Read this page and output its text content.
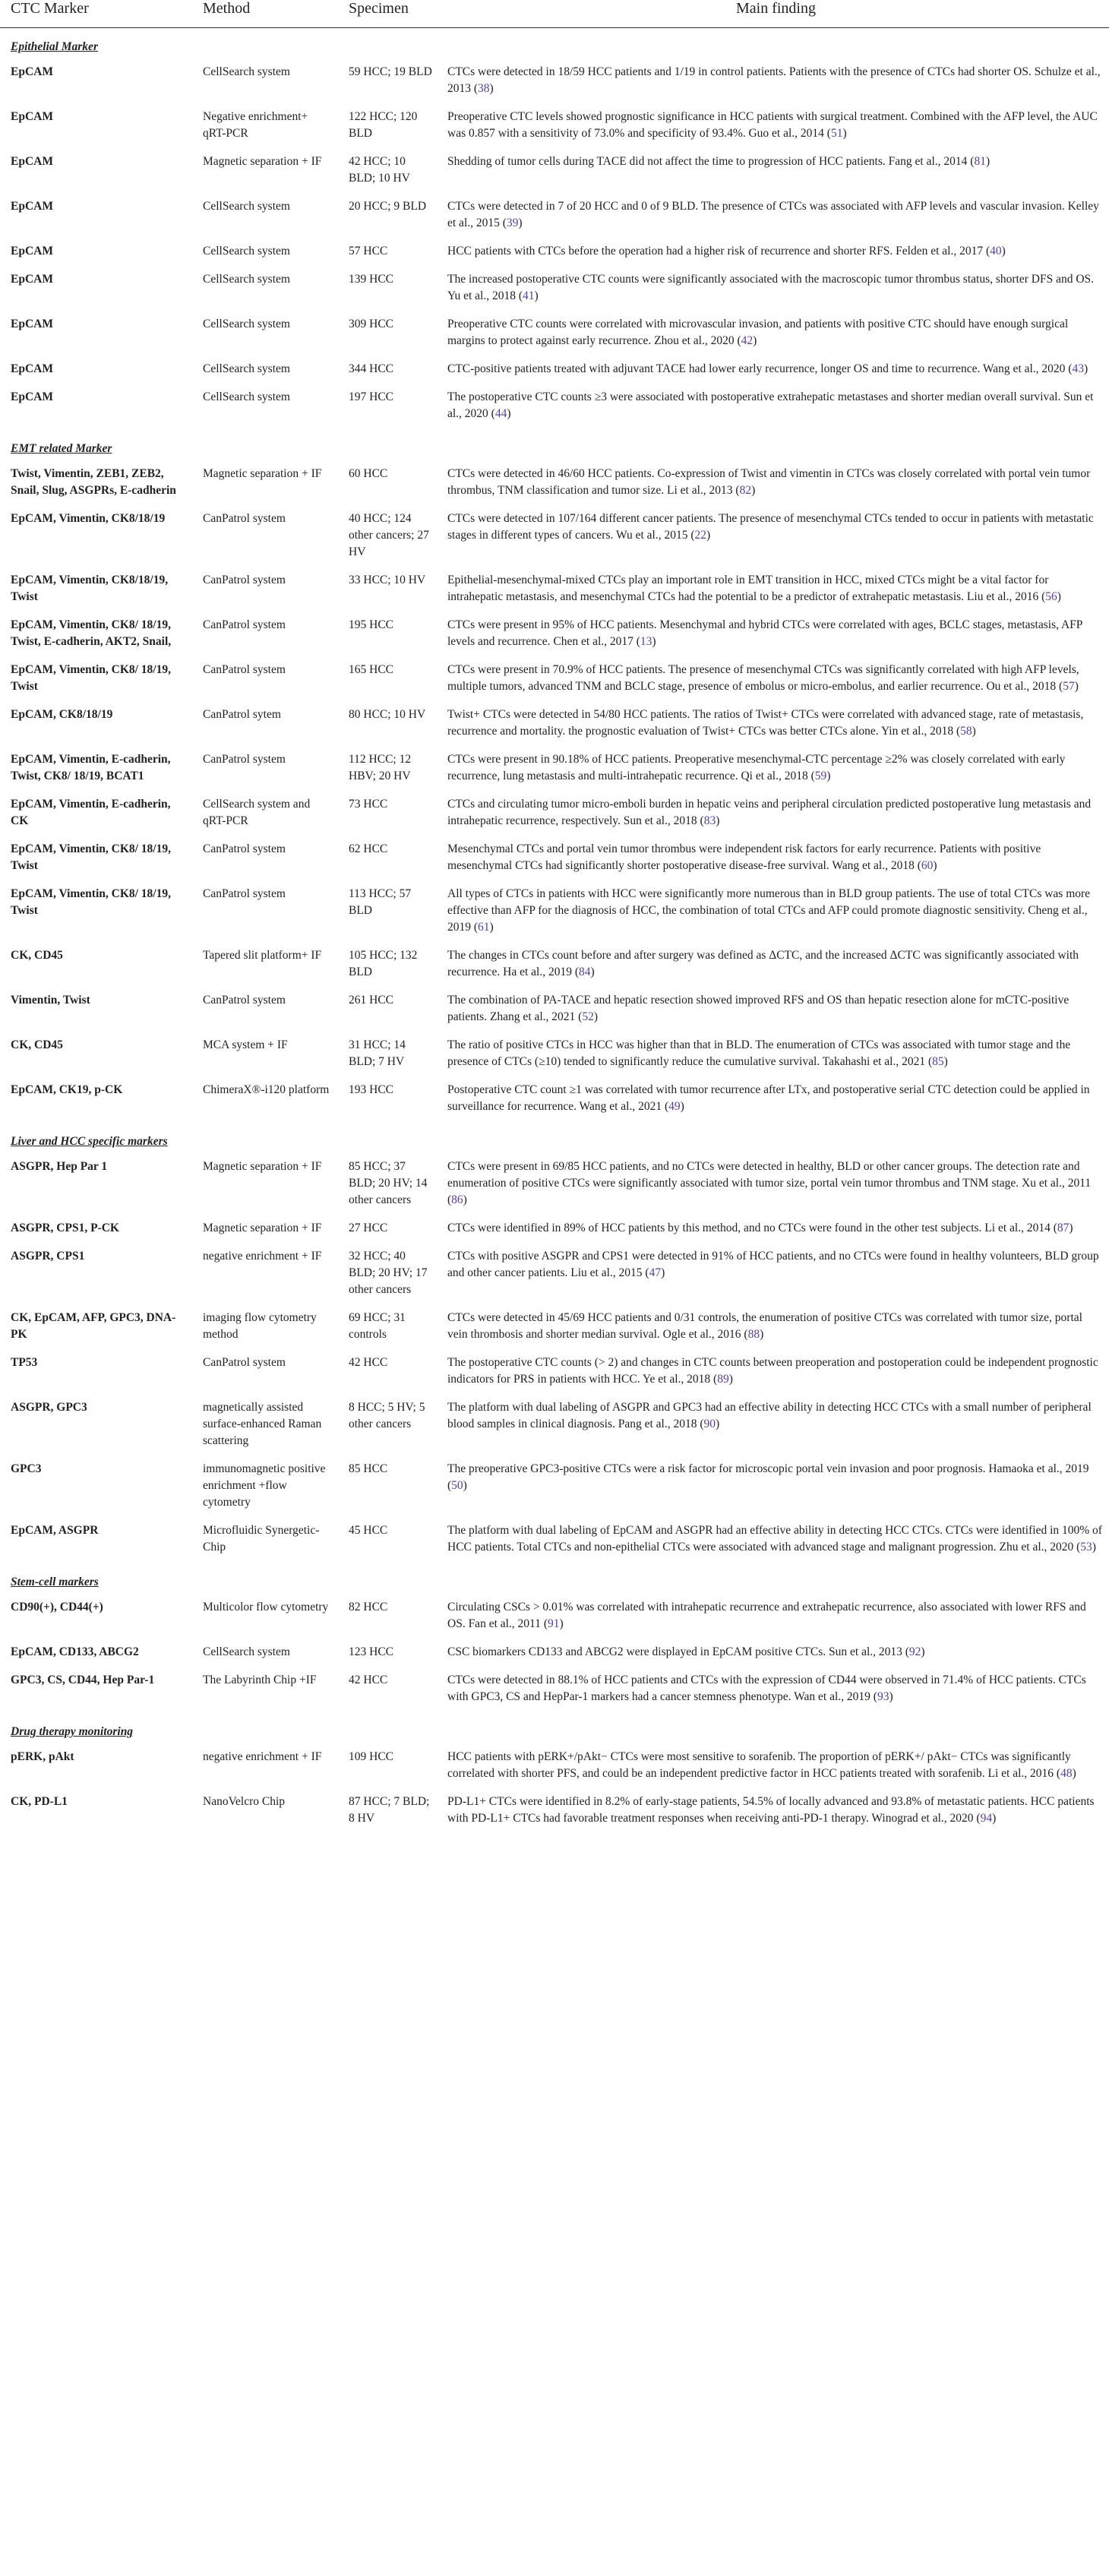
CTC Marker	Method	Specimen	Main finding
Epithelial Marker			
EpCAM	CellSearch system	59 HCC; 19 BLD	CTCs were detected in 18/59 HCC patients and 1/19 in control patients. Patients with the presence of CTCs had shorter OS. Schulze et al., 2013 (38)
EpCAM	Negative enrichment+ qRT-PCR	122 HCC; 120 BLD	Preoperative CTC levels showed prognostic significance in HCC patients with surgical treatment. Combined with the AFP level, the AUC was 0.857 with a sensitivity of 73.0% and specificity of 93.4%. Guo et al., 2014 (51)
EpCAM	Magnetic separation + IF	42 HCC; 10 BLD; 10 HV	Shedding of tumor cells during TACE did not affect the time to progression of HCC patients. Fang et al., 2014 (81)
EpCAM	CellSearch system	20 HCC; 9 BLD	CTCs were detected in 7 of 20 HCC and 0 of 9 BLD. The presence of CTCs was associated with AFP levels and vascular invasion. Kelley et al., 2015 (39)
EpCAM	CellSearch system	57 HCC	HCC patients with CTCs before the operation had a higher risk of recurrence and shorter RFS. Felden et al., 2017 (40)
EpCAM	CellSearch system	139 HCC	The increased postoperative CTC counts were significantly associated with the macroscopic tumor thrombus status, shorter DFS and OS. Yu et al., 2018 (41)
EpCAM	CellSearch system	309 HCC	Preoperative CTC counts were correlated with microvascular invasion, and patients with positive CTC should have enough surgical margins to protect against early recurrence. Zhou et al., 2020 (42)
EpCAM	CellSearch system	344 HCC	CTC-positive patients treated with adjuvant TACE had lower early recurrence, longer OS and time to recurrence. Wang et al., 2020 (43)
EpCAM	CellSearch system	197 HCC	The postoperative CTC counts ≥3 were associated with postoperative extrahepatic metastases and shorter median overall survival. Sun et al., 2020 (44)
EMT related Marker			
Twist, Vimentin, ZEB1, ZEB2, Snail, Slug, ASGPRs, E-cadherin	Magnetic separation + IF	60 HCC	CTCs were detected in 46/60 HCC patients. Co-expression of Twist and vimentin in CTCs was closely correlated with portal vein tumor thrombus, TNM classification and tumor size. Li et al., 2013 (82)
EpCAM, Vimentin, CK8/18/19	CanPatrol system	40 HCC; 124 other cancers; 27 HV	CTCs were detected in 107/164 different cancer patients. The presence of mesenchymal CTCs tended to occur in patients with metastatic stages in different types of cancers. Wu et al., 2015 (22)
EpCAM, Vimentin, CK8/18/19, Twist	CanPatrol system	33 HCC; 10 HV	Epithelial-mesenchymal-mixed CTCs play an important role in EMT transition in HCC, mixed CTCs might be a vital factor for intrahepatic metastasis, and mesenchymal CTCs had the potential to be a predictor of extrahepatic metastasis. Liu et al., 2016 (56)
EpCAM, Vimentin, CK8/ 18/19, Twist, E-cadherin, AKT2, Snail,	CanPatrol system	195 HCC	CTCs were present in 95% of HCC patients. Mesenchymal and hybrid CTCs were correlated with ages, BCLC stages, metastasis, AFP levels and recurrence. Chen et al., 2017 (13)
EpCAM, Vimentin, CK8/ 18/19, Twist	CanPatrol system	165 HCC	CTCs were present in 70.9% of HCC patients. The presence of mesenchymal CTCs was significantly correlated with high AFP levels, multiple tumors, advanced TNM and BCLC stage, presence of embolus or micro-embolus, and earlier recurrence. Ou et al., 2018 (57)
EpCAM, CK8/18/19	CanPatrol sytem	80 HCC; 10 HV	Twist+ CTCs were detected in 54/80 HCC patients. The ratios of Twist+ CTCs were correlated with advanced stage, rate of metastasis, recurrence and mortality. the prognostic evaluation of Twist+ CTCs was better CTCs alone. Yin et al., 2018 (58)
EpCAM, Vimentin, E-cadherin, Twist, CK8/ 18/19, BCAT1	CanPatrol system	112 HCC; 12 HBV; 20 HV	CTCs were present in 90.18% of HCC patients. Preoperative mesenchymal-CTC percentage ≥2% was closely correlated with early recurrence, lung metastasis and multi-intrahepatic recurrence. Qi et al., 2018 (59)
EpCAM, Vimentin, E-cadherin, CK	CellSearch system and qRT-PCR	73 HCC	CTCs and circulating tumor micro-emboli burden in hepatic veins and peripheral circulation predicted postoperative lung metastasis and intrahepatic recurrence, respectively. Sun et al., 2018 (83)
EpCAM, Vimentin, CK8/ 18/19, Twist	CanPatrol system	62 HCC	Mesenchymal CTCs and portal vein tumor thrombus were independent risk factors for early recurrence. Patients with positive mesenchymal CTCs had significantly shorter postoperative disease-free survival. Wang et al., 2018 (60)
EpCAM, Vimentin, CK8/ 18/19, Twist	CanPatrol system	113 HCC; 57 BLD	All types of CTCs in patients with HCC were significantly more numerous than in BLD group patients. The use of total CTCs was more effective than AFP for the diagnosis of HCC, the combination of total CTCs and AFP could promote diagnostic sensitivity. Cheng et al., 2019 (61)
CK, CD45	Tapered slit platform+ IF	105 HCC; 132 BLD	The changes in CTCs count before and after surgery was defined as ΔCTC, and the increased ΔCTC was significantly associated with recurrence. Ha et al., 2019 (84)
Vimentin, Twist	CanPatrol system	261 HCC	The combination of PA-TACE and hepatic resection showed improved RFS and OS than hepatic resection alone for mCTC-positive patients. Zhang et al., 2021 (52)
CK, CD45	MCA system + IF	31 HCC; 14 BLD; 7 HV	The ratio of positive CTCs in HCC was higher than that in BLD. The enumeration of CTCs was associated with tumor stage and the presence of CTCs (≥10) tended to significantly reduce the cumulative survival. Takahashi et al., 2021 (85)
EpCAM, CK19, p-CK	ChimeraX®-i120 platform	193 HCC	Postoperative CTC count ≥1 was correlated with tumor recurrence after LTx, and postoperative serial CTC detection could be applied in surveillance for recurrence. Wang et al., 2021 (49)
Liver and HCC specific markers			
ASGPR, Hep Par 1	Magnetic separation + IF	85 HCC; 37 BLD; 20 HV; 14 other cancers	CTCs were present in 69/85 HCC patients, and no CTCs were detected in healthy, BLD or other cancer groups. The detection rate and enumeration of positive CTCs were significantly associated with tumor size, portal vein tumor thrombus and TNM stage. Xu et al., 2011 (86)
ASGPR, CPS1, P-CK	Magnetic separation + IF	27 HCC	CTCs were identified in 89% of HCC patients by this method, and no CTCs were found in the other test subjects. Li et al., 2014 (87)
ASGPR, CPS1	negative enrichment + IF	32 HCC; 40 BLD; 20 HV; 17 other cancers	CTCs with positive ASGPR and CPS1 were detected in 91% of HCC patients, and no CTCs were found in healthy volunteers, BLD group and other cancer patients. Liu et al., 2015 (47)
CK, EpCAM, AFP, GPC3, DNA-PK	imaging flow cytometry method	69 HCC; 31 controls	CTCs were detected in 45/69 HCC patients and 0/31 controls, the enumeration of positive CTCs was correlated with tumor size, portal vein thrombosis and shorter median survival. Ogle et al., 2016 (88)
TP53	CanPatrol system	42 HCC	The postoperative CTC counts (> 2) and changes in CTC counts between preoperation and postoperation could be independent prognostic indicators for PRS in patients with HCC. Ye et al., 2018 (89)
ASGPR, GPC3	magnetically assisted surface-enhanced Raman scattering	8 HCC; 5 HV; 5 other cancers	The platform with dual labeling of ASGPR and GPC3 had an effective ability in detecting HCC CTCs with a small number of peripheral blood samples in clinical diagnosis. Pang et al., 2018 (90)
GPC3	immunomagnetic positive enrichment +flow cytometry	85 HCC	The preoperative GPC3-positive CTCs were a risk factor for microscopic portal vein invasion and poor prognosis. Hamaoka et al., 2019 (50)
EpCAM, ASGPR	Microfluidic Synergetic-Chip	45 HCC	The platform with dual labeling of EpCAM and ASGPR had an effective ability in detecting HCC CTCs. CTCs were identified in 100% of HCC patients. Total CTCs and non-epithelial CTCs were associated with advanced stage and malignant progression. Zhu et al., 2020 (53)
Stem-cell markers			
CD90(+), CD44(+)	Multicolor flow cytometry	82 HCC	Circulating CSCs > 0.01% was correlated with intrahepatic recurrence and extrahepatic recurrence, also associated with lower RFS and OS. Fan et al., 2011 (91)
EpCAM, CD133, ABCG2	CellSearch system	123 HCC	CSC biomarkers CD133 and ABCG2 were displayed in EpCAM positive CTCs. Sun et al., 2013 (92)
GPC3, CS, CD44, Hep Par-1	The Labyrinth Chip +IF	42 HCC	CTCs were detected in 88.1% of HCC patients and CTCs with the expression of CD44 were observed in 71.4% of HCC patients. CTCs with GPC3, CS and HepPar-1 markers had a cancer stemness phenotype. Wan et al., 2019 (93)
Drug therapy monitoring			
pERK, pAkt	negative enrichment + IF	109 HCC	HCC patients with pERK+/pAkt− CTCs were most sensitive to sorafenib. The proportion of pERK+/ pAkt− CTCs was significantly correlated with shorter PFS, and could be an independent predictive factor in HCC patients treated with sorafenib. Li et al., 2016 (48)
CK, PD-L1	NanoVelcro Chip	87 HCC; 7 BLD; 8 HV	PD-L1+ CTCs were identified in 8.2% of early-stage patients, 54.5% of locally advanced and 93.8% of metastatic patients. HCC patients with PD-L1+ CTCs had favorable treatment responses when receiving anti-PD-1 therapy. Winograd et al., 2020 (94)
